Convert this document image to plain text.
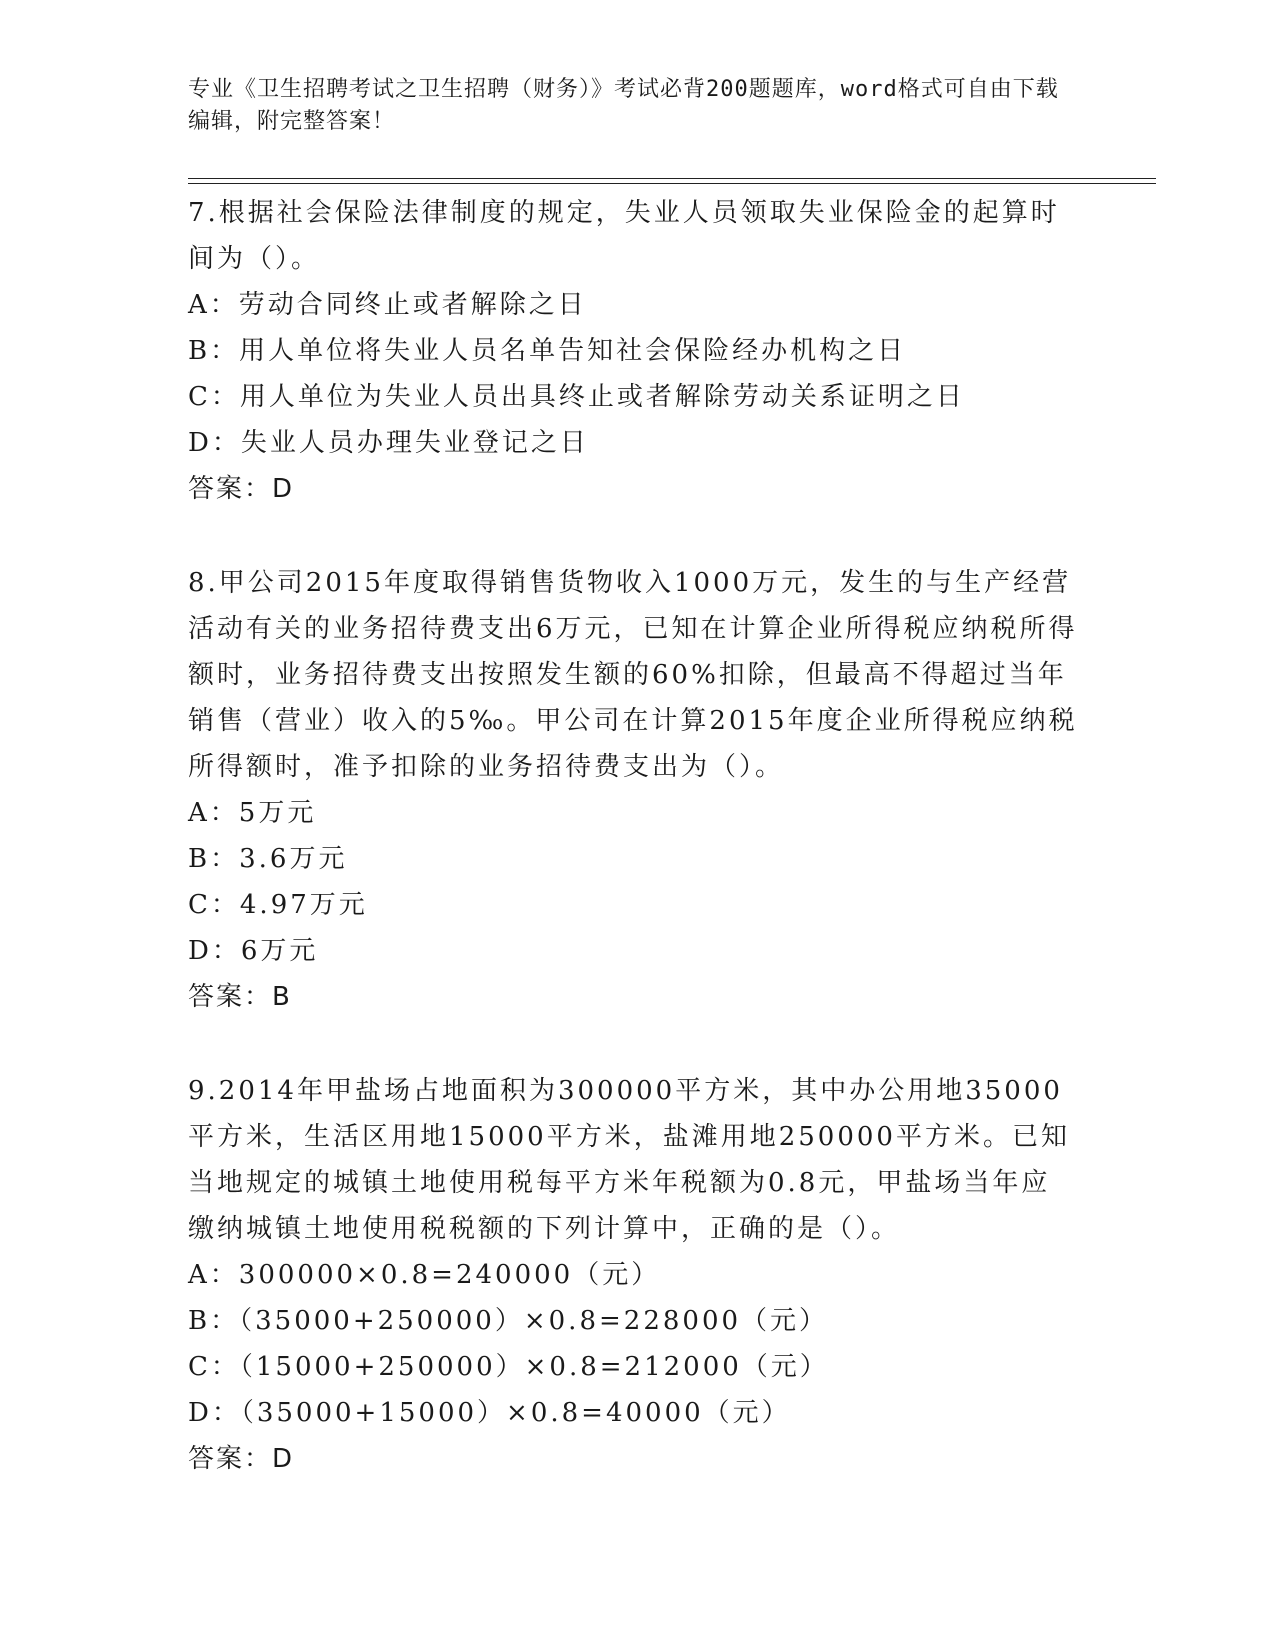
专业《卫生招聘考试之卫生招聘（财务）》考试必背200题题库，word格式可自由下载编辑，附完整答案！

7.根据社会保险法律制度的规定，失业人员领取失业保险金的起算时间为（）。

A：劳动合同终止或者解除之日
B：用人单位将失业人员名单告知社会保险经办机构之日
C：用人单位为失业人员出具终止或者解除劳动关系证明之日
D：失业人员办理失业登记之日
答案：D

8.甲公司2015年度取得销售货物收入1000万元，发生的与生产经营活动有关的业务招待费支出6万元，已知在计算企业所得税应纳税所得额时，业务招待费支出按照发生额的60%扣除，但最高不得超过当年销售（营业）收入的5‰。甲公司在计算2015年度企业所得税应纳税所得额时，准予扣除的业务招待费支出为（）。

A：5万元
B：3.6万元
C：4.97万元
D：6万元
答案：B

9.2014年甲盐场占地面积为300000平方米，其中办公用地35000平方米，生活区用地15000平方米，盐滩用地250000平方米。已知当地规定的城镇土地使用税每平方米年税额为0.8元，甲盐场当年应缴纳城镇土地使用税税额的下列计算中，正确的是（）。

A：300000×0.8=240000（元）
B：（35000+250000）×0.8=228000（元）
C：（15000+250000）×0.8=212000（元）
D：（35000+15000）×0.8=40000（元）
答案：D
